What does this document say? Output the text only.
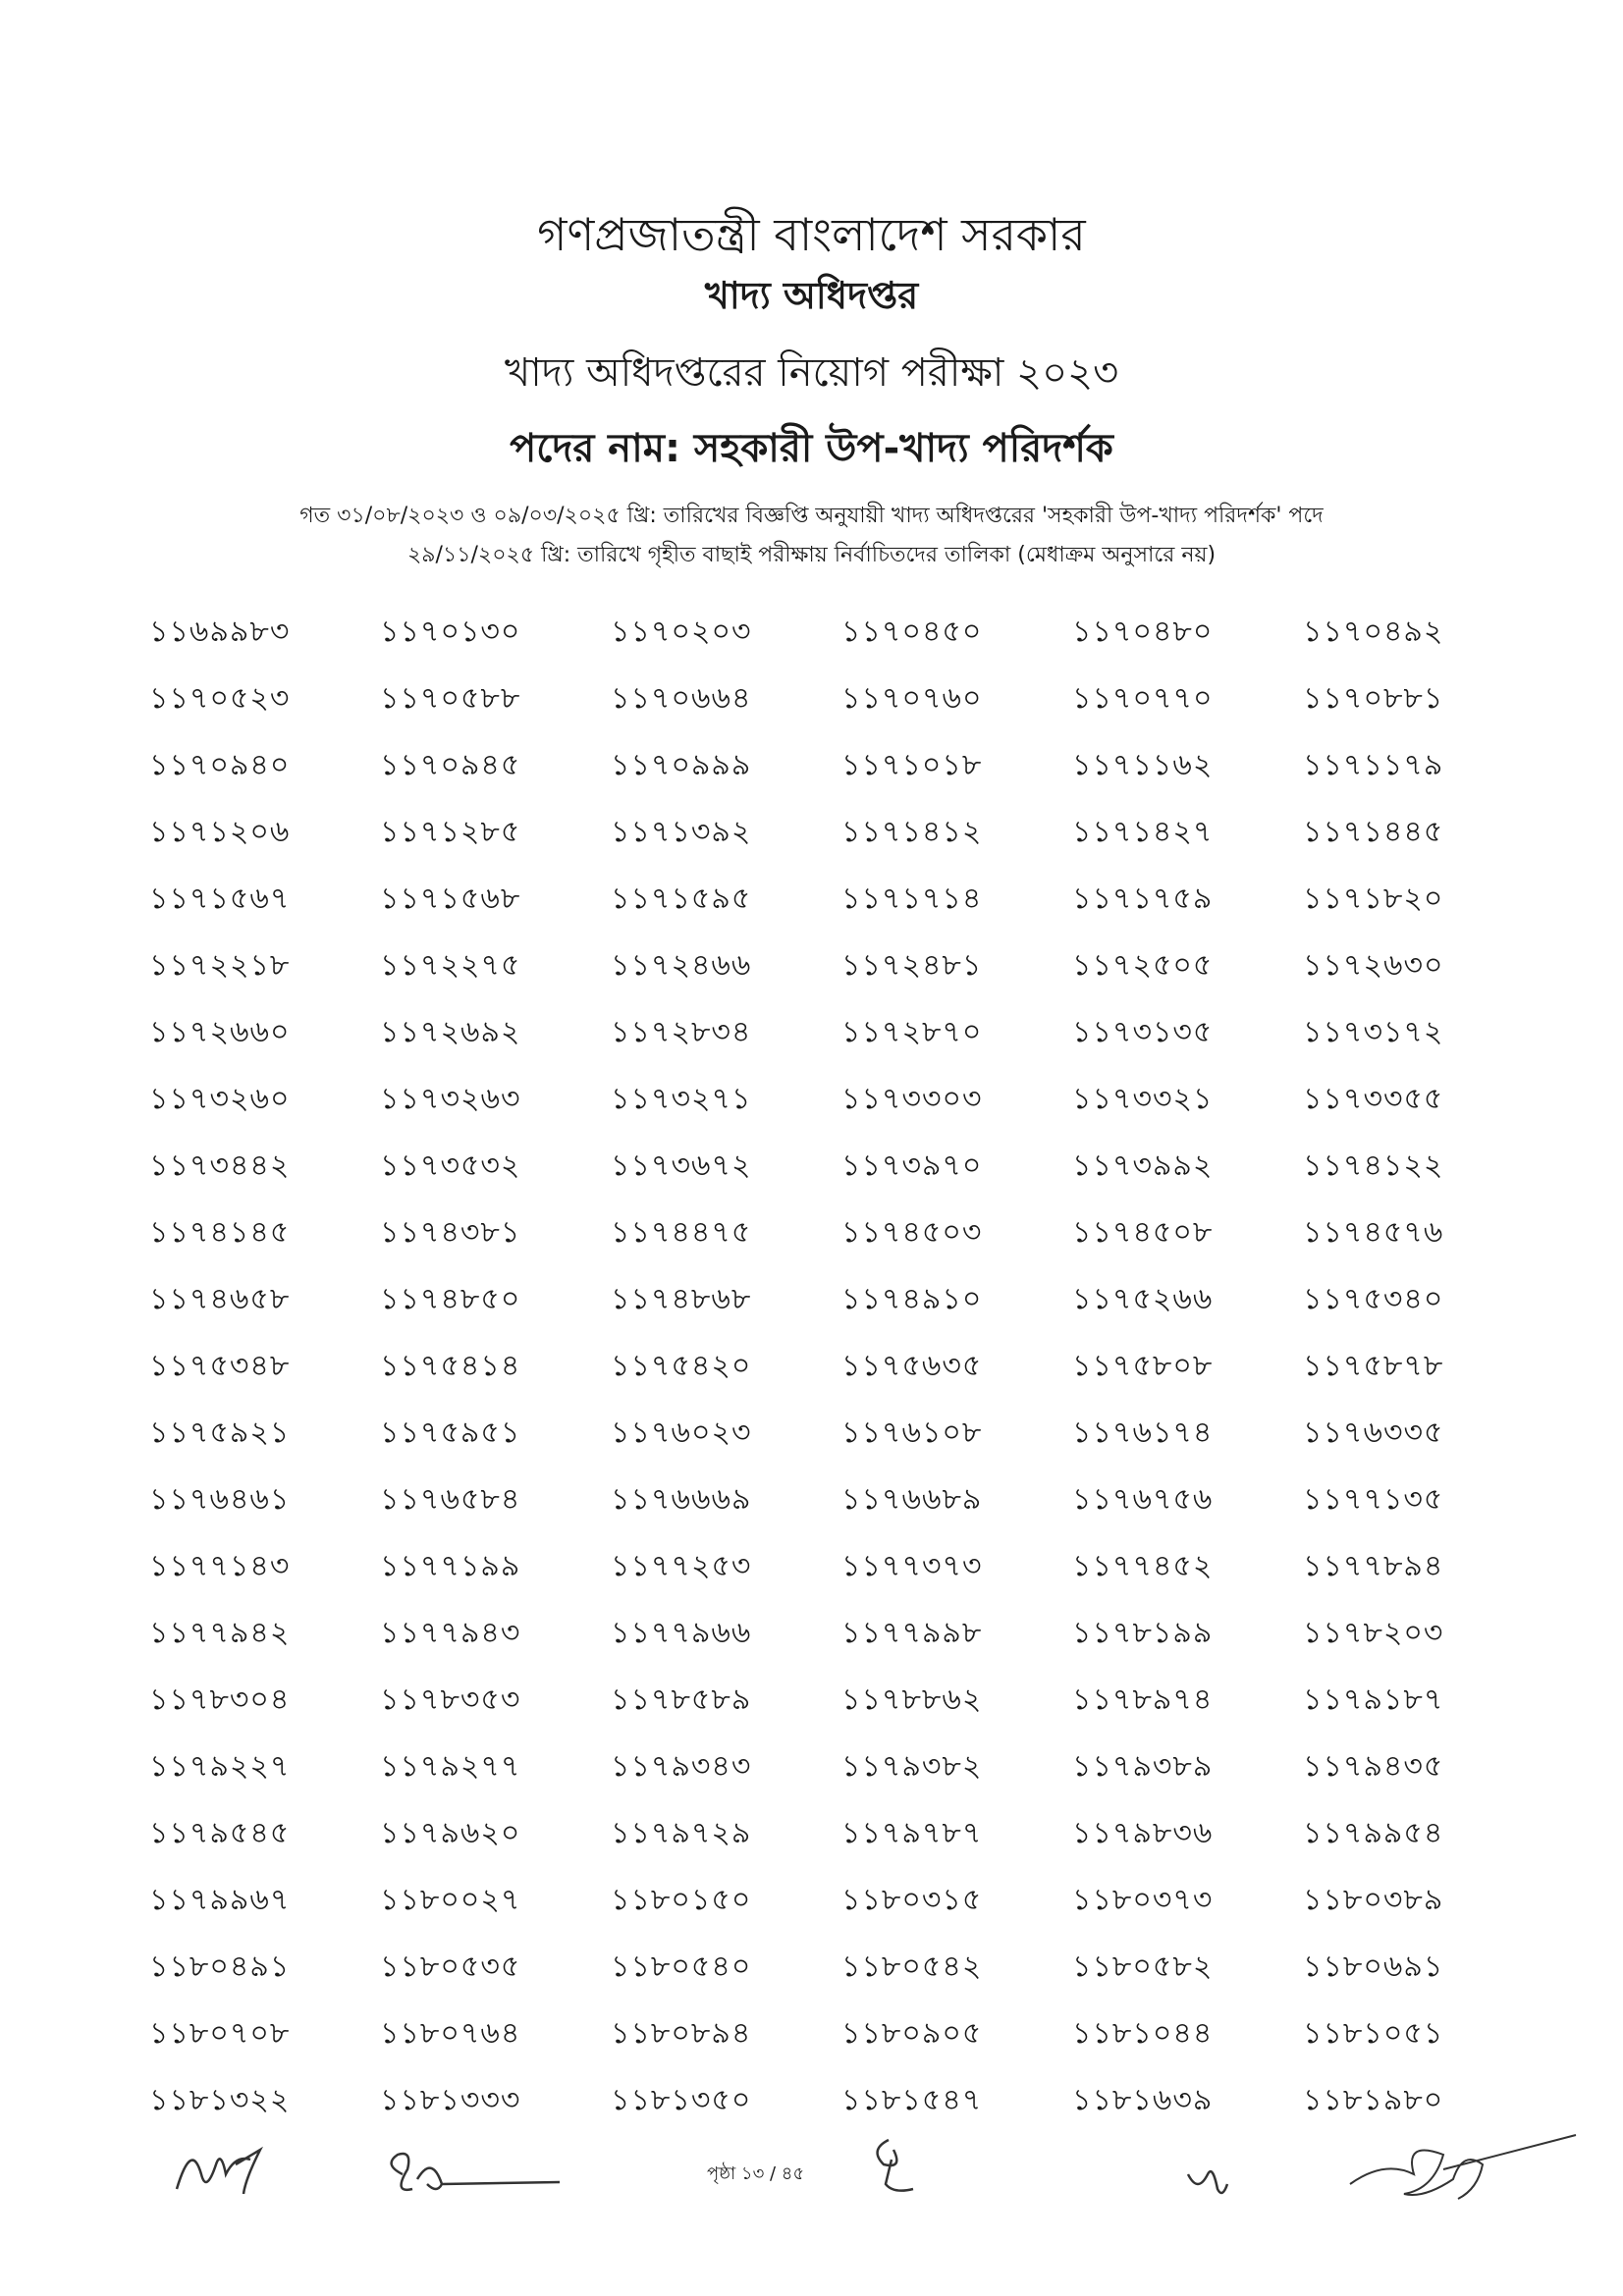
গণপ্রজাতন্ত্রী বাংলাদেশ সরকার
খাদ্য অধিদপ্তর
খাদ্য অধিদপ্তরের নিয়োগ পরীক্ষা ২০২৩
পদের নাম: সহকারী উপ-খাদ্য পরিদর্শক
গত ৩১/০৮/২০২৩ ও ০৯/০৩/২০২৫ খ্রি: তারিখের বিজ্ঞপ্তি অনুযায়ী খাদ্য অধিদপ্তরের 'সহকারী উপ-খাদ্য পরিদর্শক' পদে
২৯/১১/২০২৫ খ্রি: তারিখে গৃহীত বাছাই পরীক্ষায় নির্বাচিতদের তালিকা (মেধাক্রম অনুসারে নয়)
১১৬৯৯৮৩	১১৭০১৩০	১১৭০২০৩	১১৭০৪৫০	১১৭০৪৮০	১১৭০৪৯২
১১৭০৫২৩	১১৭০৫৮৮	১১৭০৬৬৪	১১৭০৭৬০	১১৭০৭৭০	১১৭০৮৮১
১১৭০৯৪০	১১৭০৯৪৫	১১৭০৯৯৯	১১৭১০১৮	১১৭১১৬২	১১৭১১৭৯
১১৭১২০৬	১১৭১২৮৫	১১৭১৩৯২	১১৭১৪১২	১১৭১৪২৭	১১৭১৪৪৫
১১৭১৫৬৭	১১৭১৫৬৮	১১৭১৫৯৫	১১৭১৭১৪	১১৭১৭৫৯	১১৭১৮২০
১১৭২২১৮	১১৭২২৭৫	১১৭২৪৬৬	১১৭২৪৮১	১১৭২৫০৫	১১৭২৬৩০
১১৭২৬৬০	১১৭২৬৯২	১১৭২৮৩৪	১১৭২৮৭০	১১৭৩১৩৫	১১৭৩১৭২
১১৭৩২৬০	১১৭৩২৬৩	১১৭৩২৭১	১১৭৩৩০৩	১১৭৩৩২১	১১৭৩৩৫৫
১১৭৩৪৪২	১১৭৩৫৩২	১১৭৩৬৭২	১১৭৩৯৭০	১১৭৩৯৯২	১১৭৪১২২
১১৭৪১৪৫	১১৭৪৩৮১	১১৭৪৪৭৫	১১৭৪৫০৩	১১৭৪৫০৮	১১৭৪৫৭৬
১১৭৪৬৫৮	১১৭৪৮৫০	১১৭৪৮৬৮	১১৭৪৯১০	১১৭৫২৬৬	১১৭৫৩৪০
১১৭৫৩৪৮	১১৭৫৪১৪	১১৭৫৪২০	১১৭৫৬৩৫	১১৭৫৮০৮	১১৭৫৮৭৮
১১৭৫৯২১	১১৭৫৯৫১	১১৭৬০২৩	১১৭৬১০৮	১১৭৬১৭৪	১১৭৬৩৩৫
১১৭৬৪৬১	১১৭৬৫৮৪	১১৭৬৬৬৯	১১৭৬৬৮৯	১১৭৬৭৫৬	১১৭৭১৩৫
১১৭৭১৪৩	১১৭৭১৯৯	১১৭৭২৫৩	১১৭৭৩৭৩	১১৭৭৪৫২	১১৭৭৮৯৪
১১৭৭৯৪২	১১৭৭৯৪৩	১১৭৭৯৬৬	১১৭৭৯৯৮	১১৭৮১৯৯	১১৭৮২০৩
১১৭৮৩০৪	১১৭৮৩৫৩	১১৭৮৫৮৯	১১৭৮৮৬২	১১৭৮৯৭৪	১১৭৯১৮৭
১১৭৯২২৭	১১৭৯২৭৭	১১৭৯৩৪৩	১১৭৯৩৮২	১১৭৯৩৮৯	১১৭৯৪৩৫
১১৭৯৫৪৫	১১৭৯৬২০	১১৭৯৭২৯	১১৭৯৭৮৭	১১৭৯৮৩৬	১১৭৯৯৫৪
১১৭৯৯৬৭	১১৮০০২৭	১১৮০১৫০	১১৮০৩১৫	১১৮০৩৭৩	১১৮০৩৮৯
১১৮০৪৯১	১১৮০৫৩৫	১১৮০৫৪০	১১৮০৫৪২	১১৮০৫৮২	১১৮০৬৯১
১১৮০৭০৮	১১৮০৭৬৪	১১৮০৮৯৪	১১৮০৯০৫	১১৮১০৪৪	১১৮১০৫১
১১৮১৩২২	১১৮১৩৩৩	১১৮১৩৫০	১১৮১৫৪৭	১১৮১৬৩৯	১১৮১৯৮০
পৃষ্ঠা ১৩ / ৪৫
